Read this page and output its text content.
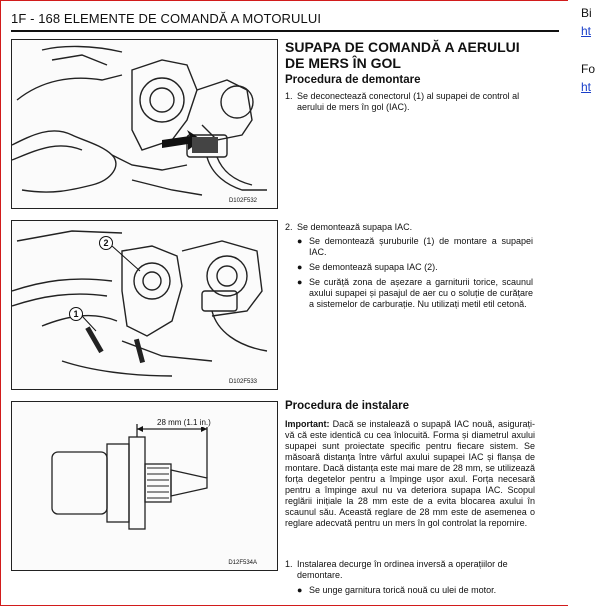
1F - 168 ELEMENTE DE COMANDĂ A MOTORULUI
D102F532
2
1
D102F533
28 mm (1.1 in.)
D12F534A
SUPAPA DE COMANDĂ A AERULUI
DE MERS ÎN GOL
Procedura de demontare
1. Se deconectează conectorul (1) al supapei de control al aerului de mers în gol (IAC).
2. Se demontează supapa IAC.
● Se demontează șuruburile (1) de montare a supapei IAC.
● Se demontează supapa IAC (2).
● Se curăță zona de așezare a garniturii torice, scaunul axului supapei și pasajul de aer cu o soluție de curățare a sistemelor de carburație. Nu utilizați metil etil cetonă.
Procedura de instalare
Important: Dacă se instalează o supapă IAC nouă, asigurați-vă că este identică cu cea înlocuită. Forma și diametrul axului supapei sunt proiectate specific pentru fiecare sistem. Se măsoară distanța între vârful axului supapei IAC și flanșa de montare. Dacă distanța este mai mare de 28 mm, se utilizează forța degetelor pentru a împinge ușor axul. Forța necesară pentru a împinge axul nu va deteriora supapa IAC. Scopul reglării inițiale la 28 mm este de a evita blocarea axului în scaunul său. Această reglare de 28 mm este de asemenea o reglare adecvată pentru un mers în gol controlat la repornire.
1. Instalarea decurge în ordinea inversă a operațiilor de demontare.
● Se unge garnitura torică nouă cu ulei de motor.
Bi
ht
Fo
ht
